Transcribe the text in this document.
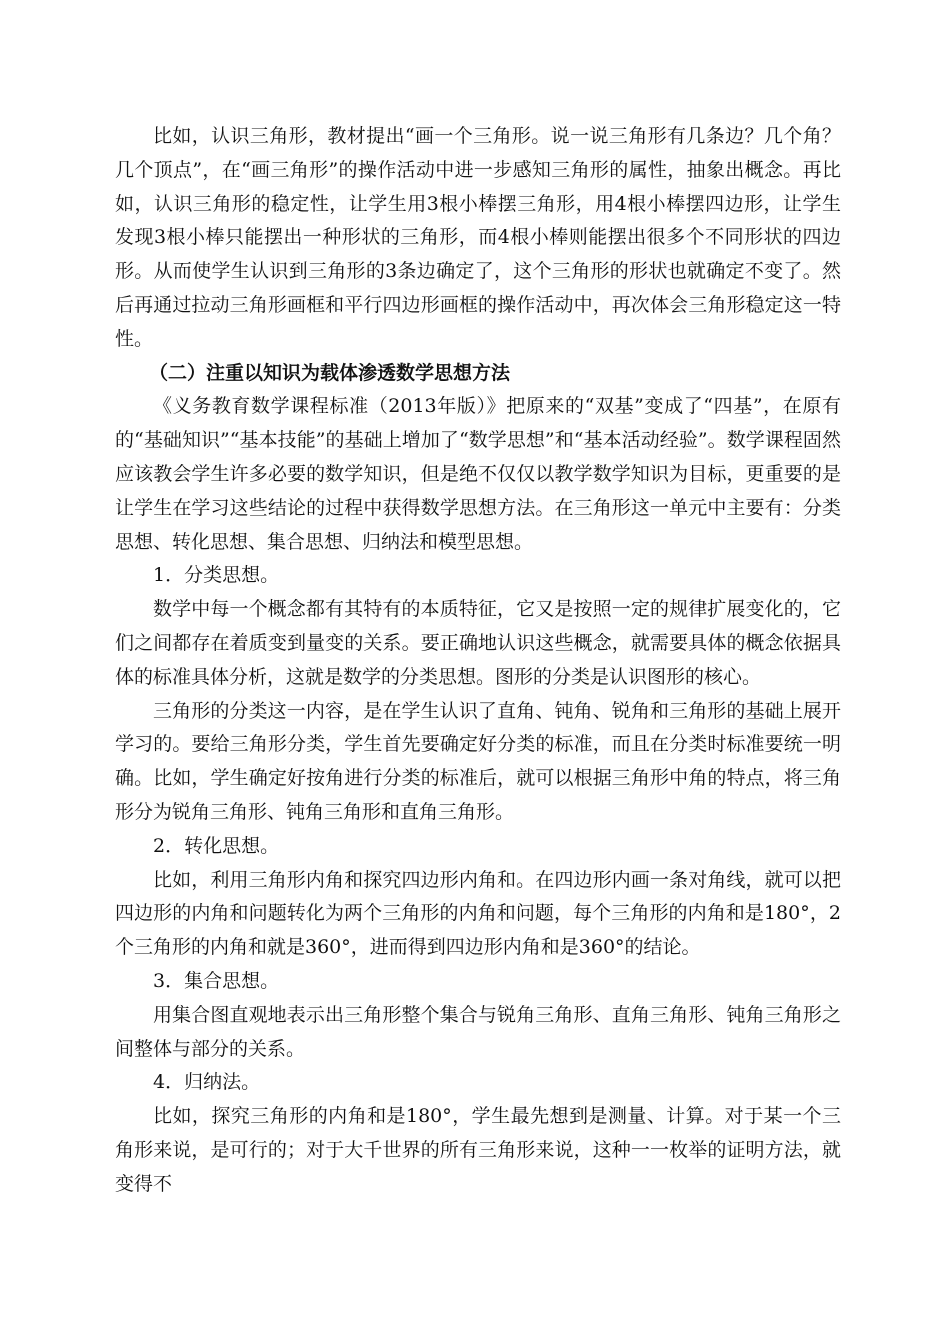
比如，认识三角形，教材提出“画一个三角形。说一说三角形有几条边？几个角？几个顶点”，在“画三角形”的操作活动中进一步感知三角形的属性，抽象出概念。再比如，认识三角形的稳定性，让学生用3根小棒摆三角形，用4根小棒摆四边形，让学生发现3根小棒只能摆出一种形状的三角形，而4根小棒则能摆出很多个不同形状的四边形。从而使学生认识到三角形的3条边确定了，这个三角形的形状也就确定不变了。然后再通过拉动三角形画框和平行四边形画框的操作活动中，再次体会三角形稳定这一特性。

（二）注重以知识为载体渗透数学思想方法

《义务教育数学课程标准（2013年版）》把原来的“双基”变成了“四基”，在原有的“基础知识”“基本技能”的基础上增加了“数学思想”和“基本活动经验”。数学课程固然应该教会学生许多必要的数学知识，但是绝不仅仅以教学数学知识为目标，更重要的是让学生在学习这些结论的过程中获得数学思想方法。在三角形这一单元中主要有：分类思想、转化思想、集合思想、归纳法和模型思想。

1．分类思想。

数学中每一个概念都有其特有的本质特征，它又是按照一定的规律扩展变化的，它们之间都存在着质变到量变的关系。要正确地认识这些概念，就需要具体的概念依据具体的标准具体分析，这就是数学的分类思想。图形的分类是认识图形的核心。

三角形的分类这一内容，是在学生认识了直角、钝角、锐角和三角形的基础上展开学习的。要给三角形分类，学生首先要确定好分类的标准，而且在分类时标准要统一明确。比如，学生确定好按角进行分类的标准后，就可以根据三角形中角的特点，将三角形分为锐角三角形、钝角三角形和直角三角形。

2．转化思想。

比如，利用三角形内角和探究四边形内角和。在四边形内画一条对角线，就可以把四边形的内角和问题转化为两个三角形的内角和问题，每个三角形的内角和是180°，2个三角形的内角和就是360°，进而得到四边形内角和是360°的结论。

3．集合思想。

用集合图直观地表示出三角形整个集合与锐角三角形、直角三角形、钝角三角形之间整体与部分的关系。

4．归纳法。

比如，探究三角形的内角和是180°，学生最先想到是测量、计算。对于某一个三角形来说，是可行的；对于大千世界的所有三角形来说，这种一一枚举的证明方法，就变得不
